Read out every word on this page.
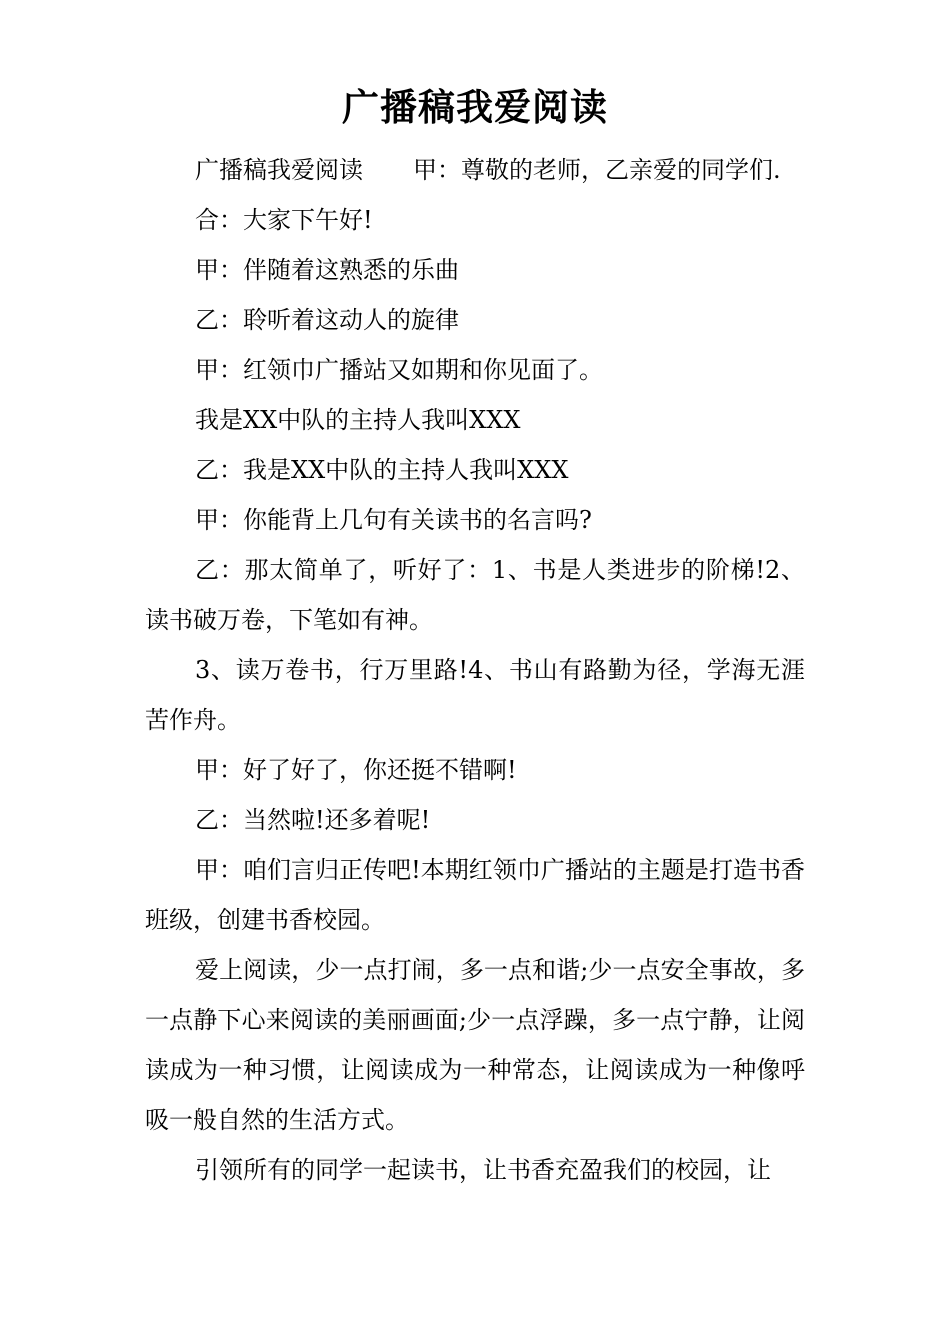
广播稿我爱阅读

广播稿我爱阅读 甲：尊敬的老师，乙亲爱的同学们.

合：大家下午好!

甲：伴随着这熟悉的乐曲

乙：聆听着这动人的旋律

甲：红领巾广播站又如期和你见面了。

我是XX中队的主持人我叫XXX

乙：我是XX中队的主持人我叫XXX

甲：你能背上几句有关读书的名言吗?

乙：那太简单了，听好了：1、书是人类进步的阶梯!2、读书破万卷，下笔如有神。

3、读万卷书，行万里路!4、书山有路勤为径，学海无涯苦作舟。

甲：好了好了，你还挺不错啊!

乙：当然啦!还多着呢!

甲：咱们言归正传吧!本期红领巾广播站的主题是打造书香班级，创建书香校园。

爱上阅读，少一点打闹，多一点和谐;少一点安全事故，多一点静下心来阅读的美丽画面;少一点浮躁，多一点宁静，让阅读成为一种习惯，让阅读成为一种常态，让阅读成为一种像呼吸一般自然的生活方式。

引领所有的同学一起读书，让书香充盈我们的校园，让
